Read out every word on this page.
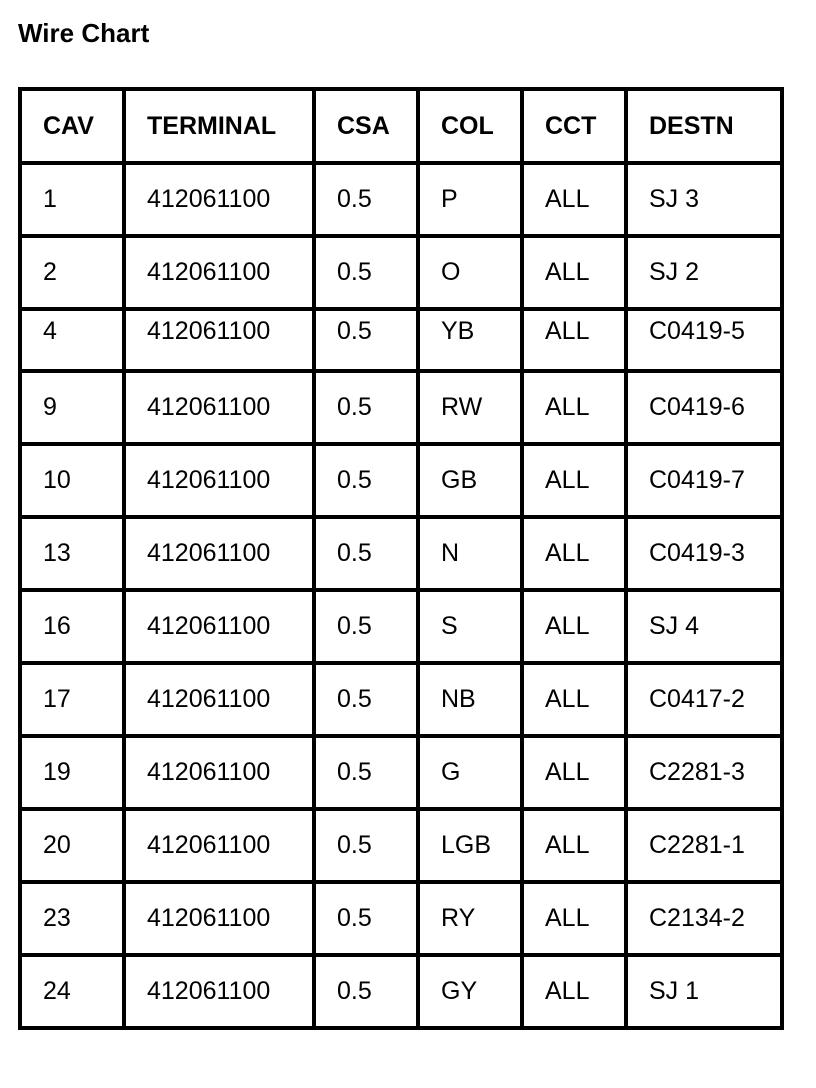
Wire Chart
CAV	TERMINAL	CSA	COL	CCT	DESTN
1	412061100	0.5	P	ALL	SJ 3
2	412061100	0.5	O	ALL	SJ 2
4	412061100	0.5	YB	ALL	C0419-5
9	412061100	0.5	RW	ALL	C0419-6
10	412061100	0.5	GB	ALL	C0419-7
13	412061100	0.5	N	ALL	C0419-3
16	412061100	0.5	S	ALL	SJ 4
17	412061100	0.5	NB	ALL	C0417-2
19	412061100	0.5	G	ALL	C2281-3
20	412061100	0.5	LGB	ALL	C2281-1
23	412061100	0.5	RY	ALL	C2134-2
24	412061100	0.5	GY	ALL	SJ 1
